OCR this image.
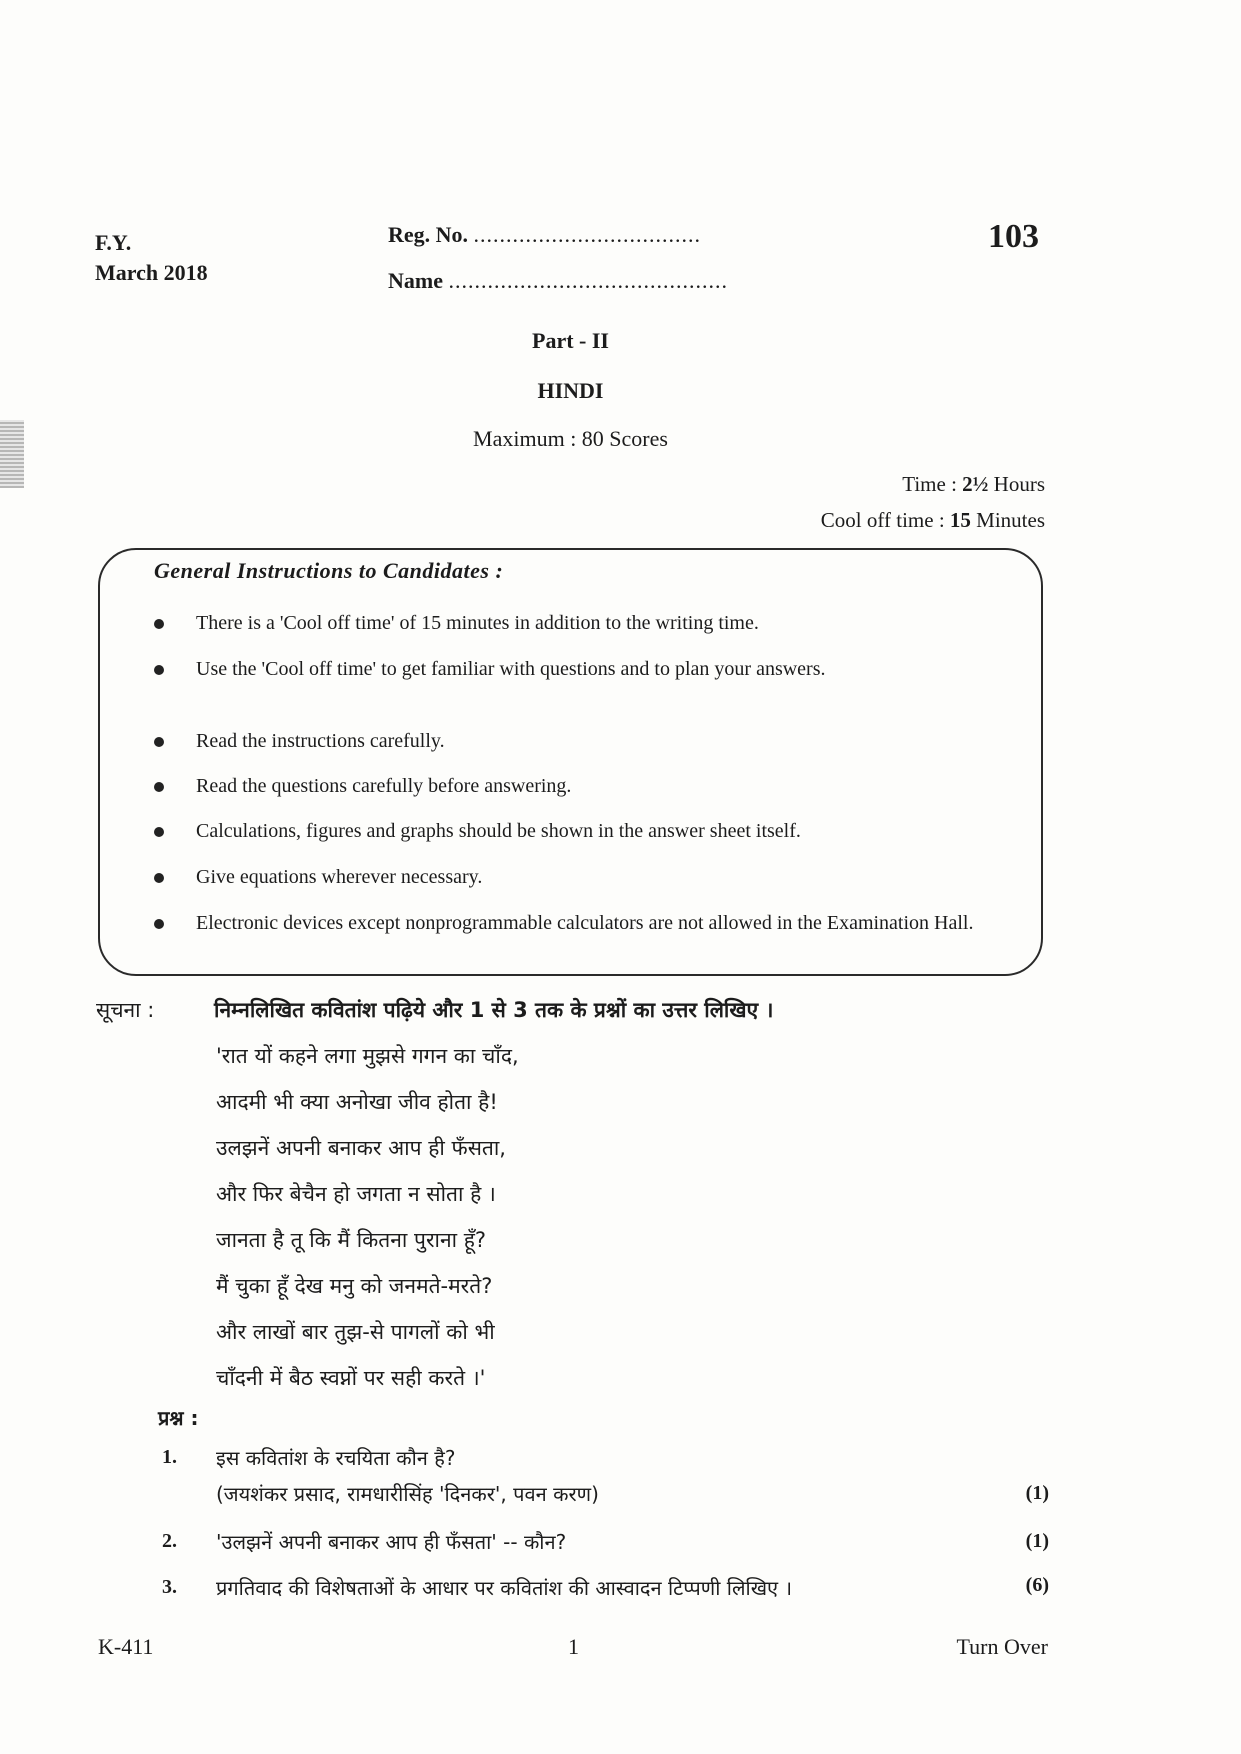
F.Y.
March 2018
Reg. No. ...................................
Name ...........................................
103
Part - II
HINDI
Maximum : 80 Scores
Time : 2½ Hours
Cool off time : 15 Minutes
General Instructions to Candidates :
There is a 'Cool off time' of 15 minutes in addition to the writing time.
Use the 'Cool off time' to get familiar with questions and to plan your answers.
Read the instructions carefully.
Read the questions carefully before answering.
Calculations, figures and graphs should be shown in the answer sheet itself.
Give equations wherever necessary.
Electronic devices except nonprogrammable calculators are not allowed in the Examination Hall.
सूचना :	निम्नलिखित कवितांश पढ़िये और 1 से 3 तक के प्रश्नों का उत्तर लिखिए ।
'रात यों कहने लगा मुझसे गगन का चाँद,
आदमी भी क्या अनोखा जीव होता है!
उलझनें अपनी बनाकर आप ही फँसता,
और फिर बेचैन हो जगता न सोता है ।
जानता है तू कि मैं कितना पुराना हूँ?
मैं चुका हूँ देख मनु को जनमते-मरते?
और लाखों बार तुझ-से पागलों को भी
चाँदनी में बैठ स्वप्नों पर सही करते ।'
प्रश्न :
1. इस कवितांश के रचयिता कौन है?
(जयशंकर प्रसाद, रामधारीसिंह 'दिनकर', पवन करण)	(1)
2. 'उलझनें अपनी बनाकर आप ही फँसता' -- कौन?	(1)
3. प्रगतिवाद की विशेषताओं के आधार पर कवितांश की आस्वादन टिप्पणी लिखिए ।	(6)
K-411	1	Turn Over
